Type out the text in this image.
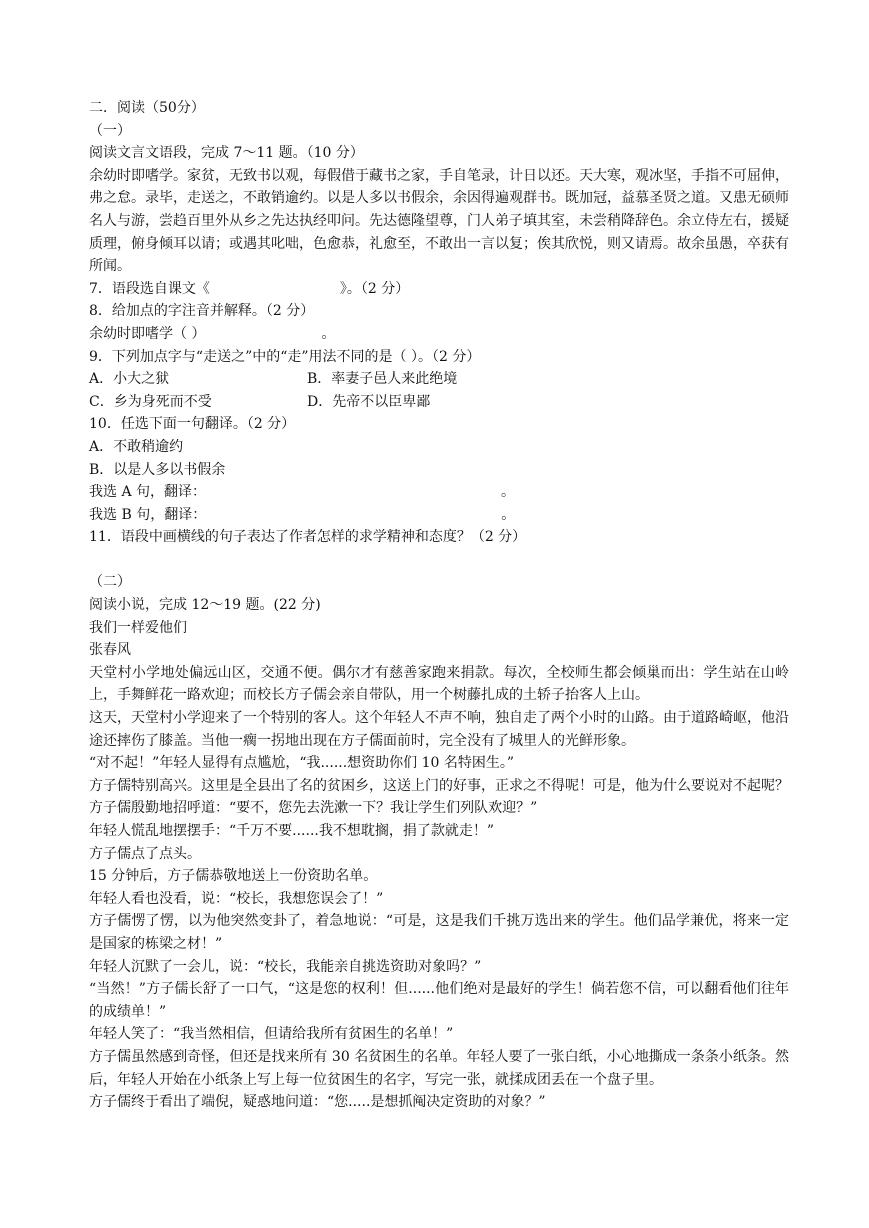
二．阅读（50分）
（一）
阅读文言文语段，完成 7～11 题。（10 分）
余幼时即嗜学。家贫，无致书以观，每假借于藏书之家，手自笔录，计日以还。天大寒，观冰坚，手指不可屈伸，弗之怠。录毕，走送之，不敢销逾约。以是人多以书假余，余因得遍观群书。既加冠，益慕圣贤之道。又患无硕师名人与游，尝趋百里外从乡之先达执经叩问。先达德隆望尊，门人弟子填其室，未尝稍降辞色。余立侍左右，援疑质理，俯身倾耳以请；或遇其叱咄，色愈恭，礼愈至，不敢出一言以复；俟其欣悦，则又请焉。故余虽愚，卒获有所闻。
7．语段选自课文《	》。（2 分）
8．给加点的字注音并解释。（2 分）
余幼时即嗜学（ ）	。
9．下列加点字与“走送之”中的“走”用法不同的是（ ）。（2 分）
A．小大之狱	B．率妻子邑人来此绝境
C．乡为身死而不受	D．先帝不以臣卑鄙
10．任选下面一句翻译。（2 分）
A．不敢稍逾约
B．以是人多以书假余
我选 A 句，翻译：	。
我选 B 句，翻译：	。
11．语段中画横线的句子表达了作者怎样的求学精神和态度？（2 分）
（二）
阅读小说，完成 12～19 题。(22 分)
我们一样爱他们
张春风
天堂村小学地处偏远山区，交通不便。偶尔才有慈善家跑来捐款。每次，全校师生都会倾巢而出：学生站在山岭上，手舞鲜花一路欢迎；而校长方子儒会亲自带队，用一个树藤扎成的土轿子抬客人上山。
这天，天堂村小学迎来了一个特别的客人。这个年轻人不声不响，独自走了两个小时的山路。由于道路崎岖，他沿途还摔伤了膝盖。当他一瘸一拐地出现在方子儒面前时，完全没有了城里人的光鲜形象。
“对不起！”年轻人显得有点尴尬，“我......想资助你们 10 名特困生。”
方子儒特别高兴。这里是全县出了名的贫困乡，这送上门的好事，正求之不得呢！可是，他为什么要说对不起呢？方子儒殷勤地招呼道：“要不，您先去洗漱一下？我让学生们列队欢迎？”
年轻人慌乱地摆摆手：“千万不要......我不想耽搁，捐了款就走！”
方子儒点了点头。
15 分钟后，方子儒恭敬地送上一份资助名单。
年轻人看也没看，说：“校长，我想您误会了！”
方子儒愣了愣，以为他突然变卦了，着急地说：“可是，这是我们千挑万选出来的学生。他们品学兼优，将来一定是国家的栋梁之材！”
年轻人沉默了一会儿，说：“校长，我能亲自挑选资助对象吗？”
“当然！”方子儒长舒了一口气，“这是您的权利！但......他们绝对是最好的学生！倘若您不信，可以翻看他们往年的成绩单！”
年轻人笑了：“我当然相信，但请给我所有贫困生的名单！”
方子儒虽然感到奇怪，但还是找来所有 30 名贫困生的名单。年轻人要了一张白纸，小心地撕成一条条小纸条。然后，年轻人开始在小纸条上写上每一位贫困生的名字，写完一张，就揉成团丢在一个盘子里。
方子儒终于看出了端倪，疑惑地问道：“您.....是想抓阄决定资助的对象？”
